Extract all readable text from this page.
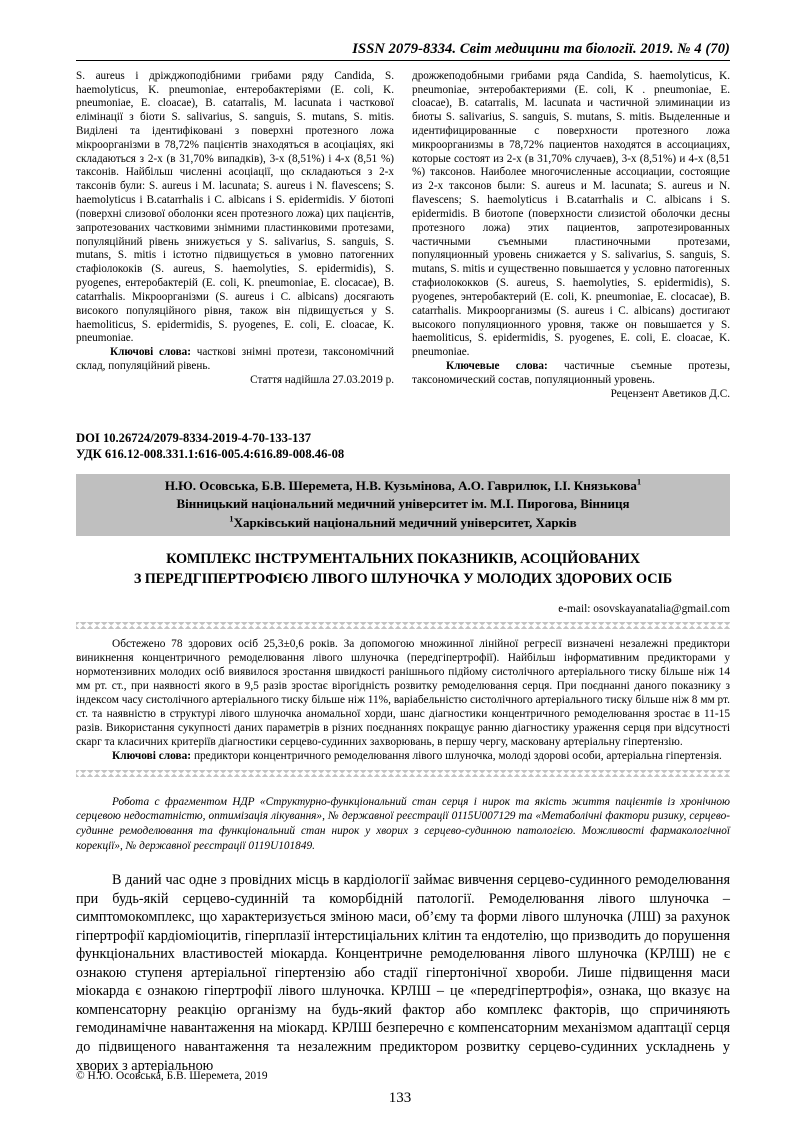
ISSN 2079-8334. Світ медицини та біології. 2019. № 4 (70)

S. aureus і дріжджоподібними грибами ряду Candida, S. haemolyticus, K. pneumoniae, ентеробактеріями (E. coli, K. pneumoniae, E. cloacae), B. catarralis, M. lacunata і часткової елімінації з біоти S. salivarius, S. sanguis, S. mutans, S. mitis. Виділені та ідентифіковані з поверхні протезного ложа мікроорганізми в 78,72% пацієнтів знаходяться в асоціаціях, які складаються з 2-х (в 31,70% випадків), 3-х (8,51%) і 4-х (8,51 %) таксонів. Найбільш численні асоціації, що складаються з 2-х таксонів були: S. aureus і M. lacunata; S. aureus і N. flavescens; S. haemolyticus і B.catarrhalis і C. albicans і S. epidermidis. У біотопі (поверхні слизової оболонки ясен протезного ложа) цих пацієнтів, запротезованих частковими знімними пластинковими протезами, популяційний рівень знижується у S. salivarius, S. sanguis, S. mutans, S. mitis і істотно підвищується в умовно патогенних стафіолококів (S. aureus, S. haemolyties, S. epidermidis), S. pyogenes, ентеробактерій (E. coli, K. pneumoniae, E. clocacae), B. catarrhalis. Мікроорганізми (S. aureus і C. albicans) досягають високого популяційного рівня, також він підвищується у S. haemoliticus, S. epidermidis, S. pyogenes, E. coli, E. cloacae, K. pneumoniae.

Ключові слова: часткові знімні протези, таксономічний склад, популяційний рівень.

Стаття надійшла 27.03.2019 р.

дрожжеподобными грибами ряда Candida, S. haemolyticus, K. pneumoniae, энтеробактериями (E. coli, K . pneumoniae, E. cloacae), B. catarralis, M. lacunata и частичной элиминации из биоты S. salivarius, S. sanguis, S. mutans, S. mitis. Выделенные и идентифицированные с поверхности протезного ложа микроорганизмы в 78,72% пациентов находятся в ассоциациях, которые состоят из 2-х (в 31,70% случаев), 3-х (8,51%) и 4-х (8,51 %) таксонов. Наиболее многочисленные ассоциации, состоящие из 2-х таксонов были: S. aureus и M. lacunata; S. aureus и N. flavescens; S. haemolyticus i B.catarrhalis и C. albicans i S. epidermidis. В биотопе (поверхности слизистой оболочки десны протезного ложа) этих пациентов, запротезированных частичными съемными пластиночными протезами, популяционный уровень снижается у S. salivarius, S. sanguis, S. mutans, S. mitis и существенно повышается у условно патогенных стафиолококков (S. aureus, S. haemolyties, S. epidermidis), S. pyogenes, энтеробактерий (E. coli, K. pneumoniae, E. clocacae), B. catarrhalis. Микроорганизмы (S. aureus i C. albicans) достигают высокого популяционного уровня, также он повышается у S. haemoliticus, S. epidermidis, S. pyogenes, E. coli, E. cloacae, K. pneumoniae.

Ключевые слова: частичные съемные протезы, таксономический состав, популяционный уровень.

Рецензент Аветиков Д.С.

DOI 10.26724/2079-8334-2019-4-70-133-137
УДК 616.12-008.331.1:616-005.4:616.89-008.46-08
Н.Ю. Осовська, Б.В. Шеремета, Н.В. Кузьмінова, А.О. Гаврилюк, І.І. Князькова$^1$
Вінницький національний медичний університет ім. М.І. Пирогова, Вінниця
$^1$Харківський національний медичний університет, Харків
КОМПЛЕКС ІНСТРУМЕНТАЛЬНИХ ПОКАЗНИКІВ, АСОЦІЙОВАНИХ
З ПЕРЕДГІПЕРТРОФІЄЮ ЛІВОГО ШЛУНОЧКА У МОЛОДИХ ЗДОРОВИХ ОСІБ
e-mail: osovskayanatalia@gmail.com

Обстежено 78 здорових осіб 25,3±0,6 років. За допомогою множинної лінійної регресії визначені незалежні предиктори виникнення концентричного ремоделювання лівого шлуночка (передгіпертрофії). Найбільш інформативним предикторами у нормотензивних молодих осіб виявилося зростання швидкості ранішнього підйому систолічного артеріального тиску більше ніж 14 мм рт. ст., при наявності якого в 9,5 разів зростає вірогідність розвитку ремоделювання серця. При поєднанні даного показнику з індексом часу систолічного артеріального тиску більше ніж 11%, варіабельністю систолічного артеріального тиску більше ніж 8 мм рт. ст. та наявністю в структурі лівого шлуночка аномальної хорди, шанс діагностики концентричного ремоделювання зростає в 11-15 разів. Використання сукупності даних параметрів в різних поєднаннях покращує ранню діагностику ураження серця при відсутності скарг та класичних критеріїв діагностики серцево-судинних захворювань, в першу чергу, масковану артеріальну гіпертензію.

Ключові слова: предиктори концентричного ремоделювання лівого шлуночка, молоді здорові особи, артеріальна гіпертензія.

Робота с фрагментом НДР «Структурно-функціональний стан серця і нирок та якість життя пацієнтів із хронічною серцевою недостатністю, оптимізація лікування», № державної реєстрації 0115U007129 та «Метаболічні фактори ризику, серцево-судинне ремоделювання та функціональний стан нирок у хворих з серцево-судинною патологією. Можливості фармакологічної корекції», № державної реєстрації 0119U101849.

В даний час одне з провідних місць в кардіології займає вивчення серцево-судинного ремоделювання при будь-якій серцево-судинній та коморбідній патології. Ремоделювання лівого шлуночка – симптомокомплекс, що характеризується зміною маси, об’єму та форми лівого шлуночка (ЛШ) за рахунок гіпертрофії кардіоміоцитів, гіперплазії інтерстиціальних клітин та ендотелію, що призводить до порушення функціональних властивостей міокарда. Концентричне ремоделювання лівого шлуночка (КРЛШ) не є ознакою ступеня артеріальної гіпертензію або стадії гіпертонічної хвороби. Лише підвищення маси міокарда є ознакою гіпертрофії лівого шлуночка. КРЛШ – це «передгіпертрофія», ознака, що вказує на компенсаторну реакцію організму на будь-який фактор або комплекс факторів, що спричиняють гемодинамічне навантаження на міокард. КРЛШ безперечно є компенсаторним механізмом адаптації серця до підвищеного навантаження та незалежним предиктором розвитку серцево-судинних ускладнень у хворих з артеріальною

© Н.Ю. Осовська, Б.В. Шеремета, 2019
133
